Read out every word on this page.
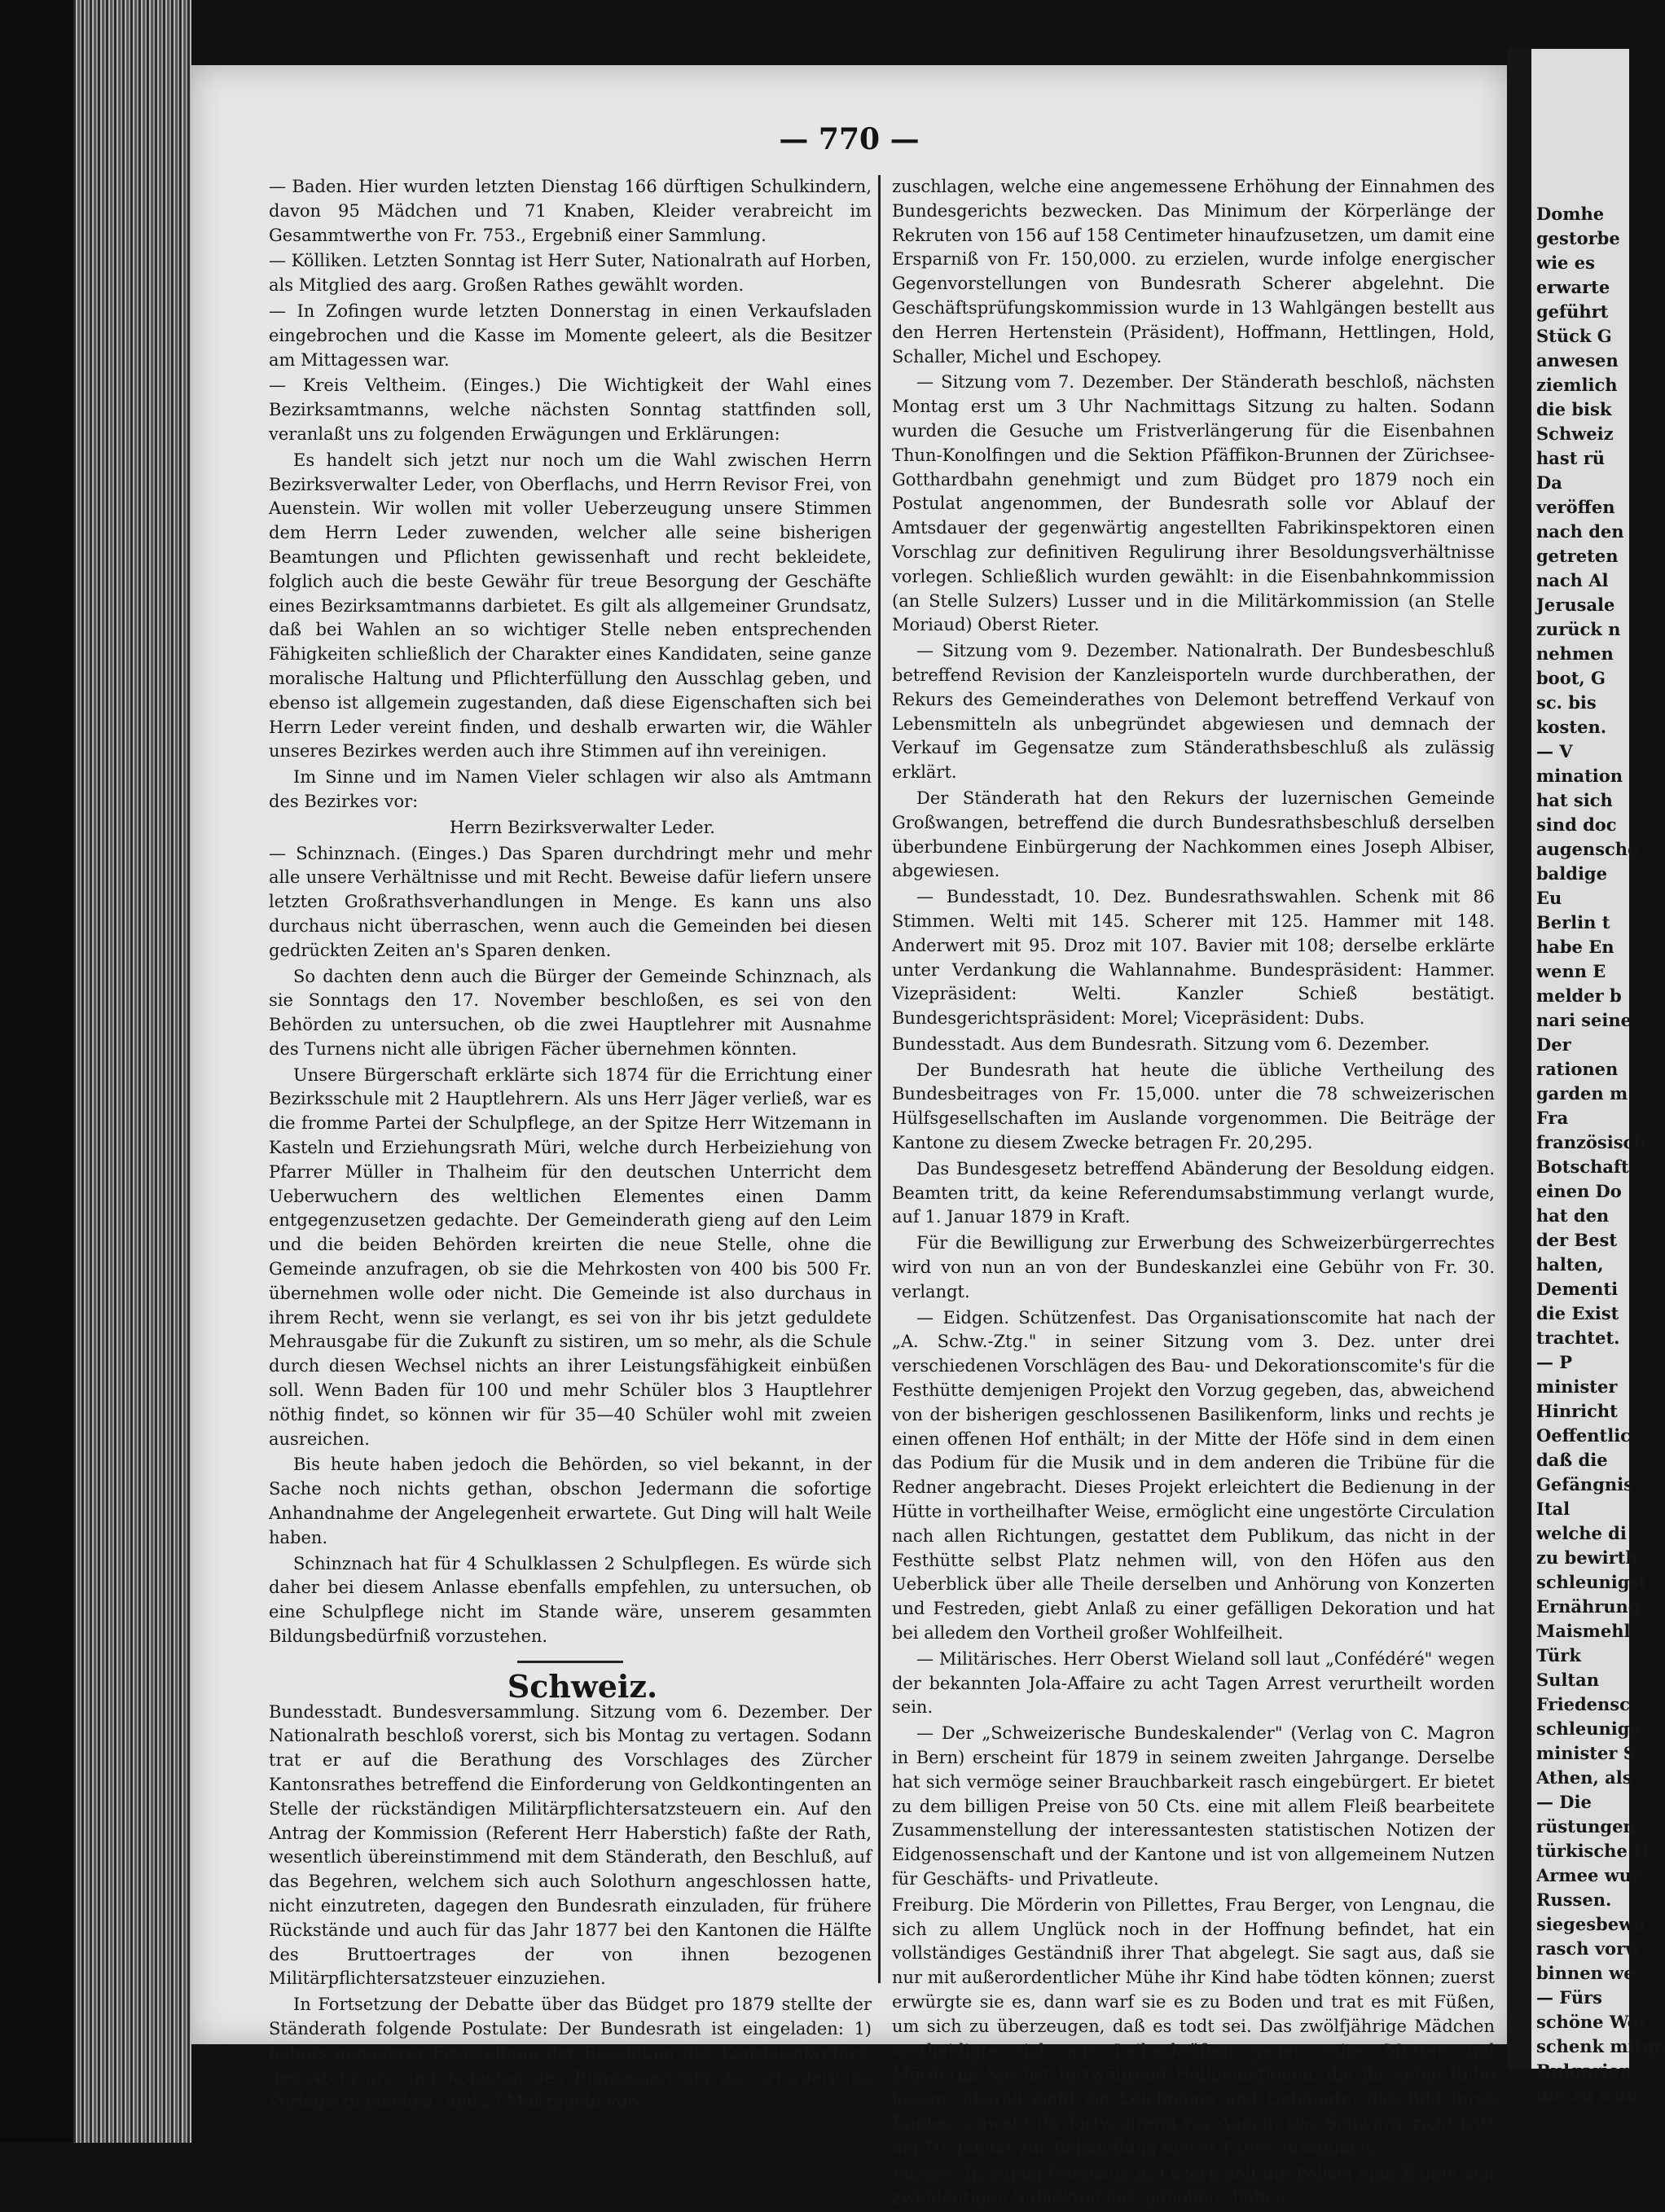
— 770 —

— Baden. Hier wurden letzten Dienstag 166 dürftigen Schulkindern, davon 95 Mädchen und 71 Knaben, Kleider verabreicht im Gesammtwerthe von Fr. 753., Ergebniß einer Sammlung.

— Kölliken. Letzten Sonntag ist Herr Suter, Nationalrath auf Horben, als Mitglied des aarg. Großen Rathes gewählt worden.

— In Zofingen wurde letzten Donnerstag in einen Verkaufsladen eingebrochen und die Kasse im Momente geleert, als die Besitzer am Mittagessen war.

— Kreis Veltheim. (Einges.) Die Wichtigkeit der Wahl eines Bezirksamtmanns, welche nächsten Sonntag stattfinden soll, veranlaßt uns zu folgenden Erwägungen und Erklärungen:

Es handelt sich jetzt nur noch um die Wahl zwischen Herrn Bezirksverwalter Leder, von Oberflachs, und Herrn Revisor Frei, von Auenstein. Wir wollen mit voller Ueberzeugung unsere Stimmen dem Herrn Leder zuwenden, welcher alle seine bisherigen Beamtungen und Pflichten gewissenhaft und recht bekleidete, folglich auch die beste Gewähr für treue Besorgung der Geschäfte eines Bezirksamtmanns darbietet. Es gilt als allgemeiner Grundsatz, daß bei Wahlen an so wichtiger Stelle neben entsprechenden Fähigkeiten schließlich der Charakter eines Kandidaten, seine ganze moralische Haltung und Pflichterfüllung den Ausschlag geben, und ebenso ist allgemein zugestanden, daß diese Eigenschaften sich bei Herrn Leder vereint finden, und deshalb erwarten wir, die Wähler unseres Bezirkes werden auch ihre Stimmen auf ihn vereinigen.

Im Sinne und im Namen Vieler schlagen wir also als Amtmann des Bezirkes vor:

Herrn Bezirksverwalter Leder.

— Schinznach. (Einges.) Das Sparen durchdringt mehr und mehr alle unsere Verhältnisse und mit Recht. Beweise dafür liefern unsere letzten Großrathsverhandlungen in Menge. Es kann uns also durchaus nicht überraschen, wenn auch die Gemeinden bei diesen gedrückten Zeiten an's Sparen denken.

So dachten denn auch die Bürger der Gemeinde Schinznach, als sie Sonntags den 17. November beschloßen, es sei von den Behörden zu untersuchen, ob die zwei Hauptlehrer mit Ausnahme des Turnens nicht alle übrigen Fächer übernehmen könnten.

Unsere Bürgerschaft erklärte sich 1874 für die Errichtung einer Bezirksschule mit 2 Hauptlehrern. Als uns Herr Jäger verließ, war es die fromme Partei der Schulpflege, an der Spitze Herr Witzemann in Kasteln und Erziehungsrath Müri, welche durch Herbeiziehung von Pfarrer Müller in Thalheim für den deutschen Unterricht dem Ueberwuchern des weltlichen Elementes einen Damm entgegenzusetzen gedachte. Der Gemeinderath gieng auf den Leim und die beiden Behörden kreirten die neue Stelle, ohne die Gemeinde anzufragen, ob sie die Mehrkosten von 400 bis 500 Fr. übernehmen wolle oder nicht. Die Gemeinde ist also durchaus in ihrem Recht, wenn sie verlangt, es sei von ihr bis jetzt geduldete Mehrausgabe für die Zukunft zu sistiren, um so mehr, als die Schule durch diesen Wechsel nichts an ihrer Leistungsfähigkeit einbüßen soll. Wenn Baden für 100 und mehr Schüler blos 3 Hauptlehrer nöthig findet, so können wir für 35—40 Schüler wohl mit zweien ausreichen.

Bis heute haben jedoch die Behörden, so viel bekannt, in der Sache noch nichts gethan, obschon Jedermann die sofortige Anhandnahme der Angelegenheit erwartete. Gut Ding will halt Weile haben.

Schinznach hat für 4 Schulklassen 2 Schulpflegen. Es würde sich daher bei diesem Anlasse ebenfalls empfehlen, zu untersuchen, ob eine Schulpflege nicht im Stande wäre, unserem gesammten Bildungsbedürfniß vorzustehen.

Schweiz.

Bundesstadt. Bundesversammlung. Sitzung vom 6. Dezember. Der Nationalrath beschloß vorerst, sich bis Montag zu vertagen. Sodann trat er auf die Berathung des Vorschlages des Zürcher Kantonsrathes betreffend die Einforderung von Geldkontingenten an Stelle der rückständigen Militärpflichtersatzsteuern ein. Auf den Antrag der Kommission (Referent Herr Haberstich) faßte der Rath, wesentlich übereinstimmend mit dem Ständerath, den Beschluß, auf das Begehren, welchem sich auch Solothurn angeschlossen hatte, nicht einzutreten, dagegen den Bundesrath einzuladen, für frühere Rückstände und auch für das Jahr 1877 bei den Kantonen die Hälfte des Bruttoertrages der von ihnen bezogenen Militärpflichtersatzsteuer einzuziehen.

In Fortsetzung der Debatte über das Büdget pro 1879 stellte der Ständerath folgende Postulate: Der Bundesrath ist eingeladen: 1) behufs genauerer Feststellung der Besoldung des Kanzleisekretärs, des Archivars und Kopisten des Bundesgerichts die erforderliche Vorlage zu machen; und 2) Maßregeln vor-

zuschlagen, welche eine angemessene Erhöhung der Einnahmen des Bundesgerichts bezwecken. Das Minimum der Körperlänge der Rekruten von 156 auf 158 Centimeter hinaufzusetzen, um damit eine Ersparniß von Fr. 150,000. zu erzielen, wurde infolge energischer Gegenvorstellungen von Bundesrath Scherer abgelehnt. Die Geschäftsprüfungskommission wurde in 13 Wahlgängen bestellt aus den Herren Hertenstein (Präsident), Hoffmann, Hettlingen, Hold, Schaller, Michel und Eschopey.

— Sitzung vom 7. Dezember. Der Ständerath beschloß, nächsten Montag erst um 3 Uhr Nachmittags Sitzung zu halten. Sodann wurden die Gesuche um Fristverlängerung für die Eisenbahnen Thun-Konolfingen und die Sektion Pfäffikon-Brunnen der Zürichsee-Gotthardbahn genehmigt und zum Büdget pro 1879 noch ein Postulat angenommen, der Bundesrath solle vor Ablauf der Amtsdauer der gegenwärtig angestellten Fabrikinspektoren einen Vorschlag zur definitiven Regulirung ihrer Besoldungsverhältnisse vorlegen. Schließlich wurden gewählt: in die Eisenbahnkommission (an Stelle Sulzers) Lusser und in die Militärkommission (an Stelle Moriaud) Oberst Rieter.

— Sitzung vom 9. Dezember. Nationalrath. Der Bundesbeschluß betreffend Revision der Kanzleisporteln wurde durchberathen, der Rekurs des Gemeinderathes von Delemont betreffend Verkauf von Lebensmitteln als unbegründet abgewiesen und demnach der Verkauf im Gegensatze zum Ständerathsbeschluß als zulässig erklärt.

Der Ständerath hat den Rekurs der luzernischen Gemeinde Großwangen, betreffend die durch Bundesrathsbeschluß derselben überbundene Einbürgerung der Nachkommen eines Joseph Albiser, abgewiesen.

— Bundesstadt, 10. Dez. Bundesrathswahlen. Schenk mit 86 Stimmen. Welti mit 145. Scherer mit 125. Hammer mit 148. Anderwert mit 95. Droz mit 107. Bavier mit 108; derselbe erklärte unter Verdankung die Wahlannahme. Bundespräsident: Hammer. Vizepräsident: Welti. Kanzler Schieß bestätigt. Bundesgerichtspräsident: Morel; Vicepräsident: Dubs.

Bundesstadt. Aus dem Bundesrath. Sitzung vom 6. Dezember.

Der Bundesrath hat heute die übliche Vertheilung des Bundesbeitrages von Fr. 15,000. unter die 78 schweizerischen Hülfsgesellschaften im Auslande vorgenommen. Die Beiträge der Kantone zu diesem Zwecke betragen Fr. 20,295.

Das Bundesgesetz betreffend Abänderung der Besoldung eidgen. Beamten tritt, da keine Referendumsabstimmung verlangt wurde, auf 1. Januar 1879 in Kraft.

Für die Bewilligung zur Erwerbung des Schweizerbürgerrechtes wird von nun an von der Bundeskanzlei eine Gebühr von Fr. 30. verlangt.

— Eidgen. Schützenfest. Das Organisationscomite hat nach der „A. Schw.-Ztg." in seiner Sitzung vom 3. Dez. unter drei verschiedenen Vorschlägen des Bau- und Dekorationscomite's für die Festhütte demjenigen Projekt den Vorzug gegeben, das, abweichend von der bisherigen geschlossenen Basilikenform, links und rechts je einen offenen Hof enthält; in der Mitte der Höfe sind in dem einen das Podium für die Musik und in dem anderen die Tribüne für die Redner angebracht. Dieses Projekt erleichtert die Bedienung in der Hütte in vortheilhafter Weise, ermöglicht eine ungestörte Circulation nach allen Richtungen, gestattet dem Publikum, das nicht in der Festhütte selbst Platz nehmen will, von den Höfen aus den Ueberblick über alle Theile derselben und Anhörung von Konzerten und Festreden, giebt Anlaß zu einer gefälligen Dekoration und hat bei alledem den Vortheil großer Wohlfeilheit.

— Militärisches. Herr Oberst Wieland soll laut „Confédéré" wegen der bekannten Jola-Affaire zu acht Tagen Arrest verurtheilt worden sein.

— Der „Schweizerische Bundeskalender" (Verlag von C. Magron in Bern) erscheint für 1879 in seinem zweiten Jahrgange. Derselbe hat sich vermöge seiner Brauchbarkeit rasch eingebürgert. Er bietet zu dem billigen Preise von 50 Cts. eine mit allem Fleiß bearbeitete Zusammenstellung der interessantesten statistischen Notizen der Eidgenossenschaft und der Kantone und ist von allgemeinem Nutzen für Geschäfts- und Privatleute.

Freiburg. Die Mörderin von Pillettes, Frau Berger, von Lengnau, die sich zu allem Unglück noch in der Hoffnung befindet, hat ein vollständiges Geständniß ihrer That abgelegt. Sie sagt aus, daß sie nur mit außerordentlicher Mühe ihr Kind habe tödten können; zuerst erwürgte sie es, dann warf sie es zu Boden und trat es mit Füßen, um sich zu überzeugen, daß es todt sei. Das zwölfjährige Mädchen vertheidigte sich aus Leibeskräften gegen seine Mutter und Mörderin. Sie hat fortwährend Hallucinationen, die ihr keine Ruhe lassen; überall sieht sie Leichname und Gehängte; das Bild ihres Kindes schwebt ihr fortwährend vor Augen. Das Schwurgericht tritt am 10. Januar zur Behandlung dieses Falles zusammen.

Luzern. In einem Gasthaus in Luzern soll die Polizei eine Bande von zweideutigen Subjekten aus„gehoben" haben.

Domhe
gestorbe
wie es
erwarte
geführt
Stück G
anwesen
ziemlich
die bisk
Schweiz
hast rü
Da
veröffen
nach den
getreten
nach Al
Jerusale
zurück n
nehmen
boot, G
sc. bis
kosten.
— V
mination
hat sich
sind doc
augensche
baldige
Eu
Berlin t
habe En
wenn E
melder b
nari seine
Der
rationen
garden m
Fra
französisch
Botschaft
einen Do
hat den
der Best
halten,
Dementi
die Exist
trachtet.
— P
minister
Hinricht
Oeffentlic
daß die
Gefängnis
Ital
welche di
zu bewirth
schleunigst
Ernährung
Maismehl
Türk
Sultan
Friedensc
schleunige
minister S
Athen, als
— Die
rüstungen
türkische O
Armee wur
Russen.
siegesbewu
rasch vorw
binnen we
— Fürs
schöne Wor
schenk mitge
Bulgarien
die zu woh
